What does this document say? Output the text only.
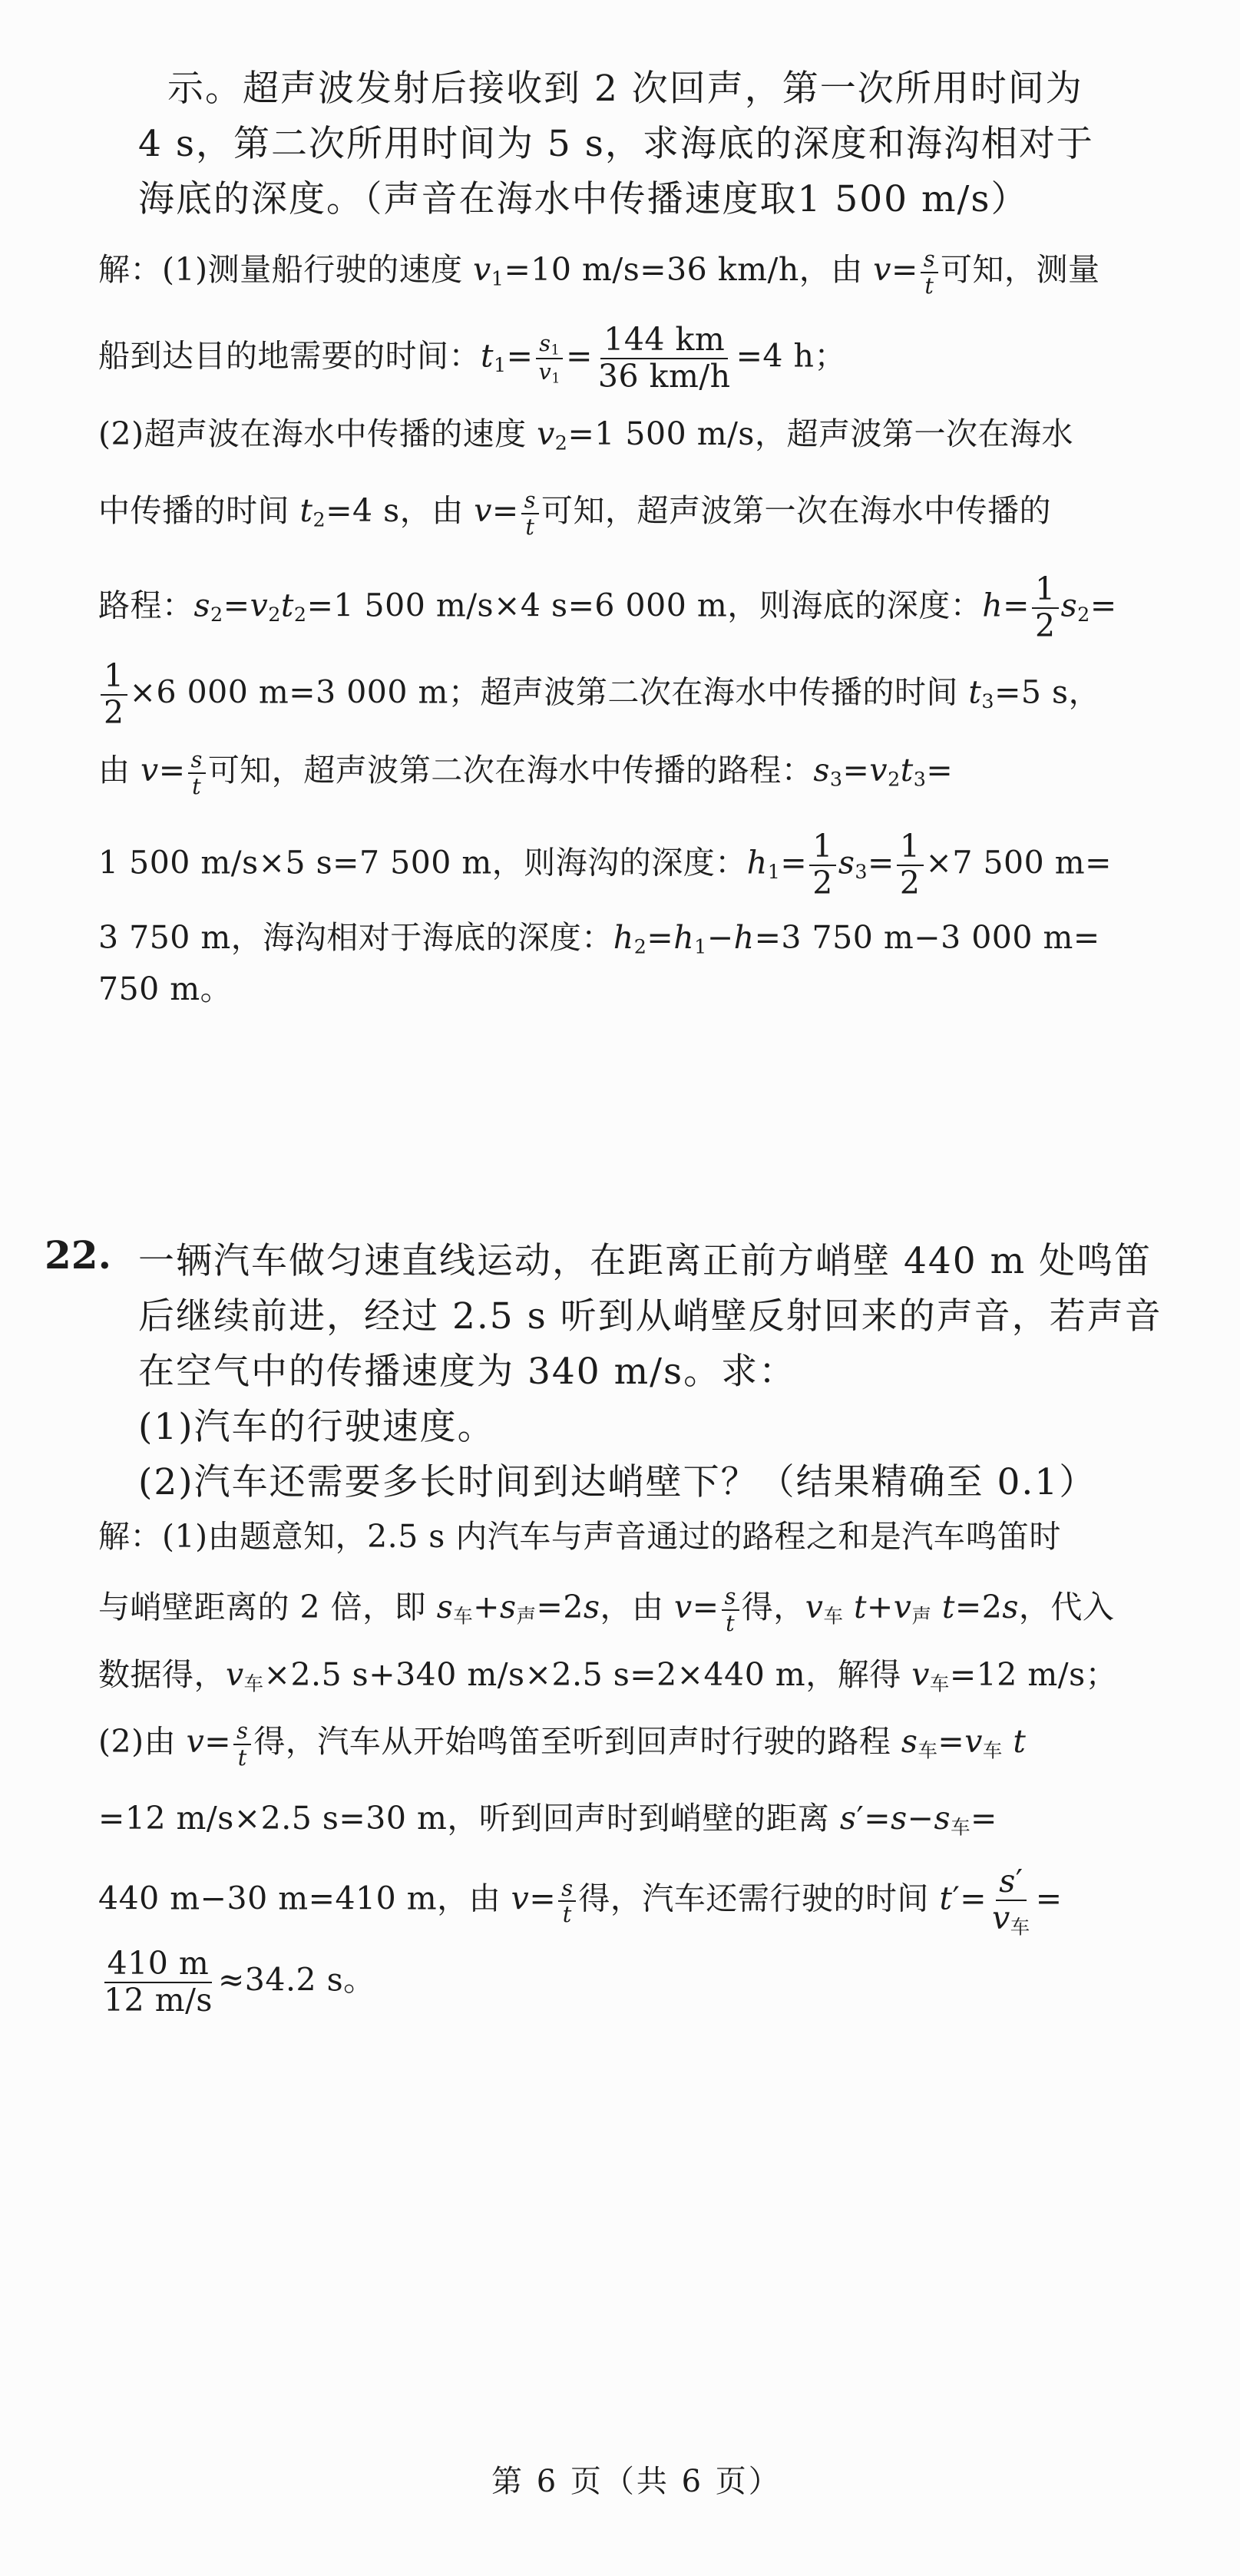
示。超声波发射后接收到 2 次回声，第一次所用时间为
4 s，第二次所用时间为 5 s，求海底的深度和海沟相对于
海底的深度。（声音在海水中传播速度取1 500 m/s）
解：(1)测量船行驶的速度 $v_1=10$ m/s=36 km/h，由 $v= \frac{s}{t}$ 可知，测量
船到达目的地需要的时间：$t_1= \frac{s_1}{v_1} = \frac{144 km}{36 km/h} =4$ h；
(2)超声波在海水中传播的速度 $v_2=1$ 500 m/s，超声波第一次在海水
中传播的时间 $t_2=4$ s，由 $v= \frac{s}{t}$ 可知，超声波第一次在海水中传播的
路程：$s_2=v_2t_2=1$ 500 m/s×4 s=6 000 m，则海底的深度：$h= \frac{1}{2} s_2=$
$\frac{1}{2} \times 6$ 000 m=3 000 m；超声波第二次在海水中传播的时间 $t_3=5$ s，
由 $v= \frac{s}{t}$ 可知，超声波第二次在海水中传播的路程：$s_3=v_2t_3=$
1 500 m/s×5 s=7 500 m，则海沟的深度：$h_1= \frac{1}{2} s_3= \frac{1}{2} \times 7$ 500 m=
3 750 m，海沟相对于海底的深度：$h_2=h_1-h=3$ 750 m−3 000 m=
750 m。
22. 一辆汽车做匀速直线运动，在距离正前方峭壁 440 m 处鸣笛
后继续前进，经过 2.5 s 听到从峭壁反射回来的声音，若声音
在空气中的传播速度为 340 m/s。求：
(1)汽车的行驶速度。
(2)汽车还需要多长时间到达峭壁下？（结果精确至 0.1）
解：(1)由题意知，2.5 s 内汽车与声音通过的路程之和是汽车鸣笛时
与峭壁距离的 2 倍，即 $s_车+s_声=2s$，由 $v= \frac{s}{t}$ 得，$v_车$ $t+v_声$ t=2s，代入
数据得，$v_车\times 2.5$ s+340 m/s×2.5 s=2×440 m，解得 $v_车=12$ m/s；
(2)由 $v= \frac{s}{t}$ 得，汽车从开始鸣笛至听到回声时行驶的路程 $s_车=v_车$ t
=12 m/s×2.5 s=30 m，听到回声时到峭壁的距离 $s'=s-s_车=$
440 m−30 m=410 m，由 $v= \frac{s}{t}$ 得，汽车还需行驶的时间 $t'= \frac{s'}{v_车}$ =
$\frac{410 m}{12 m/s} \approx 34.2$ s。
第 6 页（共 6 页）
